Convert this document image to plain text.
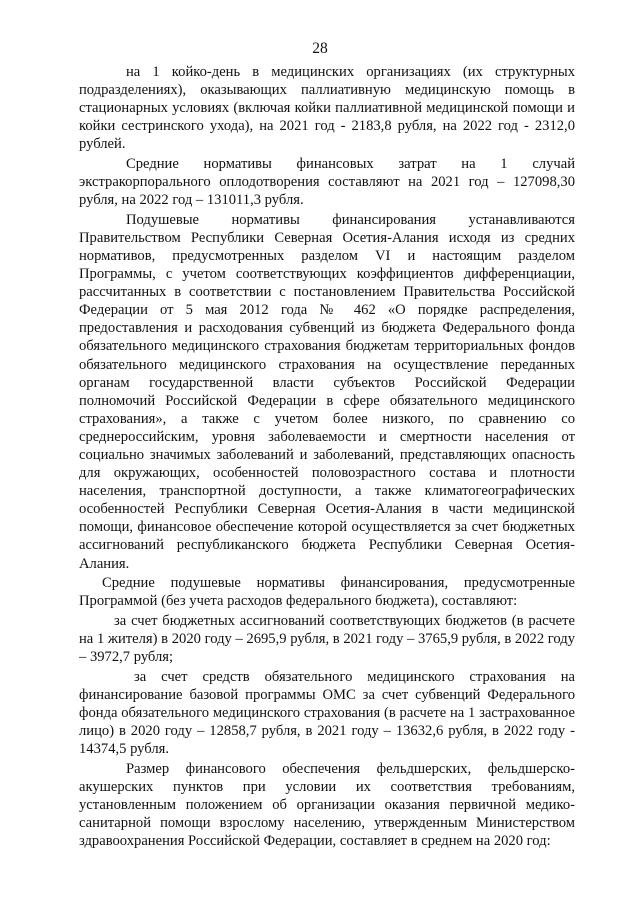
28

на 1 койко-день в медицинских организациях (их структурных подразделениях), оказывающих паллиативную медицинскую помощь в стационарных условиях (включая койки паллиативной медицинской помощи и койки сестринского ухода), на 2021 год - 2183,8 рубля, на 2022 год - 2312,0 рублей.

Средние нормативы финансовых затрат на 1 случай экстракорпорального оплодотворения составляют на 2021 год – 127098,30 рубля, на 2022 год – 131011,3 рубля.

Подушевые нормативы финансирования устанавливаются Правительством Республики Северная Осетия-Алания исходя из средних нормативов, предусмотренных разделом VI и настоящим разделом Программы, с учетом соответствующих коэффициентов дифференциации, рассчитанных в соответствии с постановлением Правительства Российской Федерации от 5 мая 2012 года № 462 «О порядке распределения, предоставления и расходования субвенций из бюджета Федерального фонда обязательного медицинского страхования бюджетам территориальных фондов обязательного медицинского страхования на осуществление переданных органам государственной власти субъектов Российской Федерации полномочий Российской Федерации в сфере обязательного медицинского страхования», а также с учетом более низкого, по сравнению со среднероссийским, уровня заболеваемости и смертности населения от социально значимых заболеваний и заболеваний, представляющих опасность для окружающих, особенностей половозрастного состава и плотности населения, транспортной доступности, а также климатогеографических особенностей Республики Северная Осетия-Алания в части медицинской помощи, финансовое обеспечение которой осуществляется за счет бюджетных ассигнований республиканского бюджета Республики Северная Осетия-Алания.

Средние подушевые нормативы финансирования, предусмотренные Программой (без учета расходов федерального бюджета), составляют:

за счет бюджетных ассигнований соответствующих бюджетов (в расчете на 1 жителя) в 2020 году – 2695,9 рубля, в 2021 году – 3765,9 рубля, в 2022 году – 3972,7 рубля;

за счет средств обязательного медицинского страхования на финансирование базовой программы ОМС за счет субвенций Федерального фонда обязательного медицинского страхования (в расчете на 1 застрахованное лицо) в 2020 году – 12858,7 рубля, в 2021 году – 13632,6 рубля, в 2022 году - 14374,5 рубля.

Размер финансового обеспечения фельдшерских, фельдшерско-акушерских пунктов при условии их соответствия требованиям, установленным положением об организации оказания первичной медико-санитарной помощи взрослому населению, утвержденным Министерством здравоохранения Российской Федерации, составляет в среднем на 2020 год:
